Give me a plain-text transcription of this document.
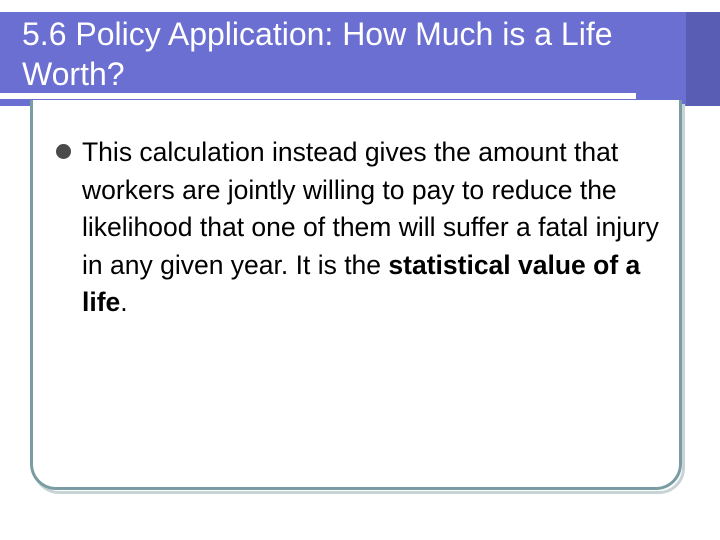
5.6 Policy Application: How Much is a Life Worth?

This calculation instead gives the amount that workers are jointly willing to pay to reduce the likelihood that one of them will suffer a fatal injury in any given year. It is the statistical value of a life.
